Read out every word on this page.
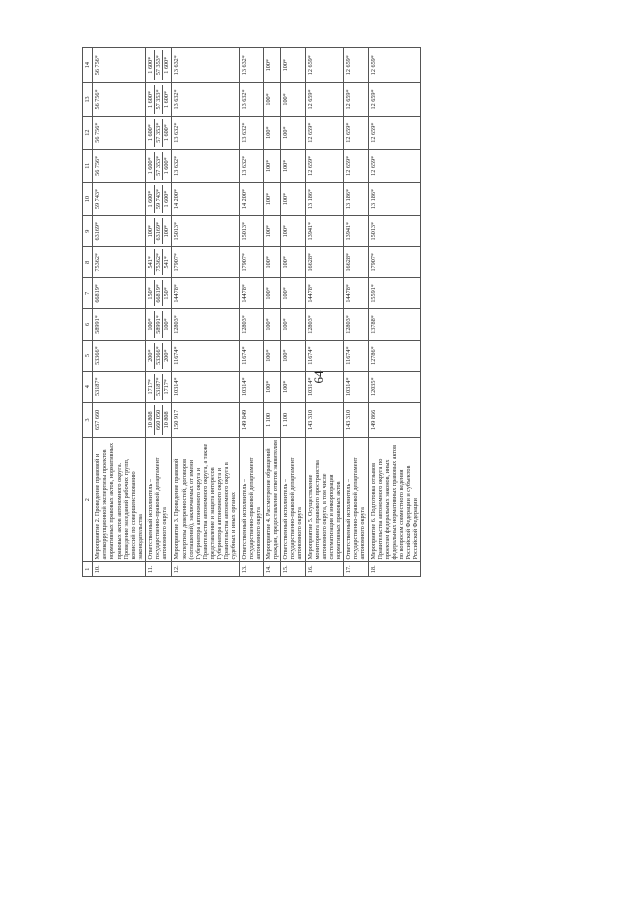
64
1	2	3	4	5	6	7	8	9	10	11	12	13	14
10.	Мероприятие 2. Проведение правовой и антикоррупционной экспертизы проектов нормативных правовых актов, нормативных правовых актов автономного округа. Проведение заседаний рабочих групп, комиссий по совершенствованию законодательства	657 660	53187*	53366*	58991*	66819*	75362*	63169*	59 743*	56 756*	56 756*	56 756*	56 756*
11.	Ответственный исполнитель – государственно-правовой департамент автономного округа	10 808 660 050 10 808	1717* 53187* 1717*	200* 53366* 200*	100* 58991* 100*	150* 66819* 150*	541* 75362* 541*	100* 63169* 100*	1 600* 59 743* 1 600*	1 600* 57 353* 1 600*	1 600* 57 353* 1 600*	1 600* 57 353* 1 600*	1 600* 57 353* 1 600*

12.	Мероприятие 3. Проведение правовой экспертизы доверенностей, договоров (соглашений), заключаемых от имени Губернатора автономного округа и Правительства автономного округа, а также представление и защита интересов Губернатора автономного округа и Правительства автономного округа в судебных и иных органах	150 917	10314*	11674*	12803*	14478*	17907*	15013*	14 200*	13 632*	13 632*	13 632*	13 632*
13.	Ответственный исполнитель – государственно-правовой департамент автономного округа	149 849	10314*	11674*	12803*	14478*	17907*	15013*	14 200*	13 632*	13 632*	13 632*	13 632*
14.	Мероприятие 4. Рассмотрение обращений граждан, предоставление ответов заявителям	1 100	100*	100*	100*	100*	100*	100*	100*	100*	100*	100*	100*
15.	Ответственный исполнитель – государственно-правовой департамент автономного округа	1 100	100*	100*	100*	100*	100*	100*	100*	100*	100*	100*	100*
16.	Мероприятие 5. Осуществление мониторинга правового пространства автономного округа, в том числе систематизация и инкорпорация нормативных правовых актов	143 310	10314*	11674*	12803*	14478*	16628*	13941*	13 186*	12 659*	12 659*	12 659*	12 659*
17.	Ответственный исполнитель – государственно-правовой департамент автономного округа	143 310	10314*	11674*	12803*	14478*	16628*	13941*	13 186*	12 659*	12 659*	12 659*	12 659*
18.	Мероприятие 6. Подготовка отзывов Правительства автономного округа по проектам федеральных законов, иных федеральных нормативных правовых актов по вопросам совместного ведения Российской Федерации и субъектов Российской Федерации	149 866	12035*	12786*	13788*	15591*	17907*	15013*	13 186*	12 659*	12 659*	12 659*	12 659*
